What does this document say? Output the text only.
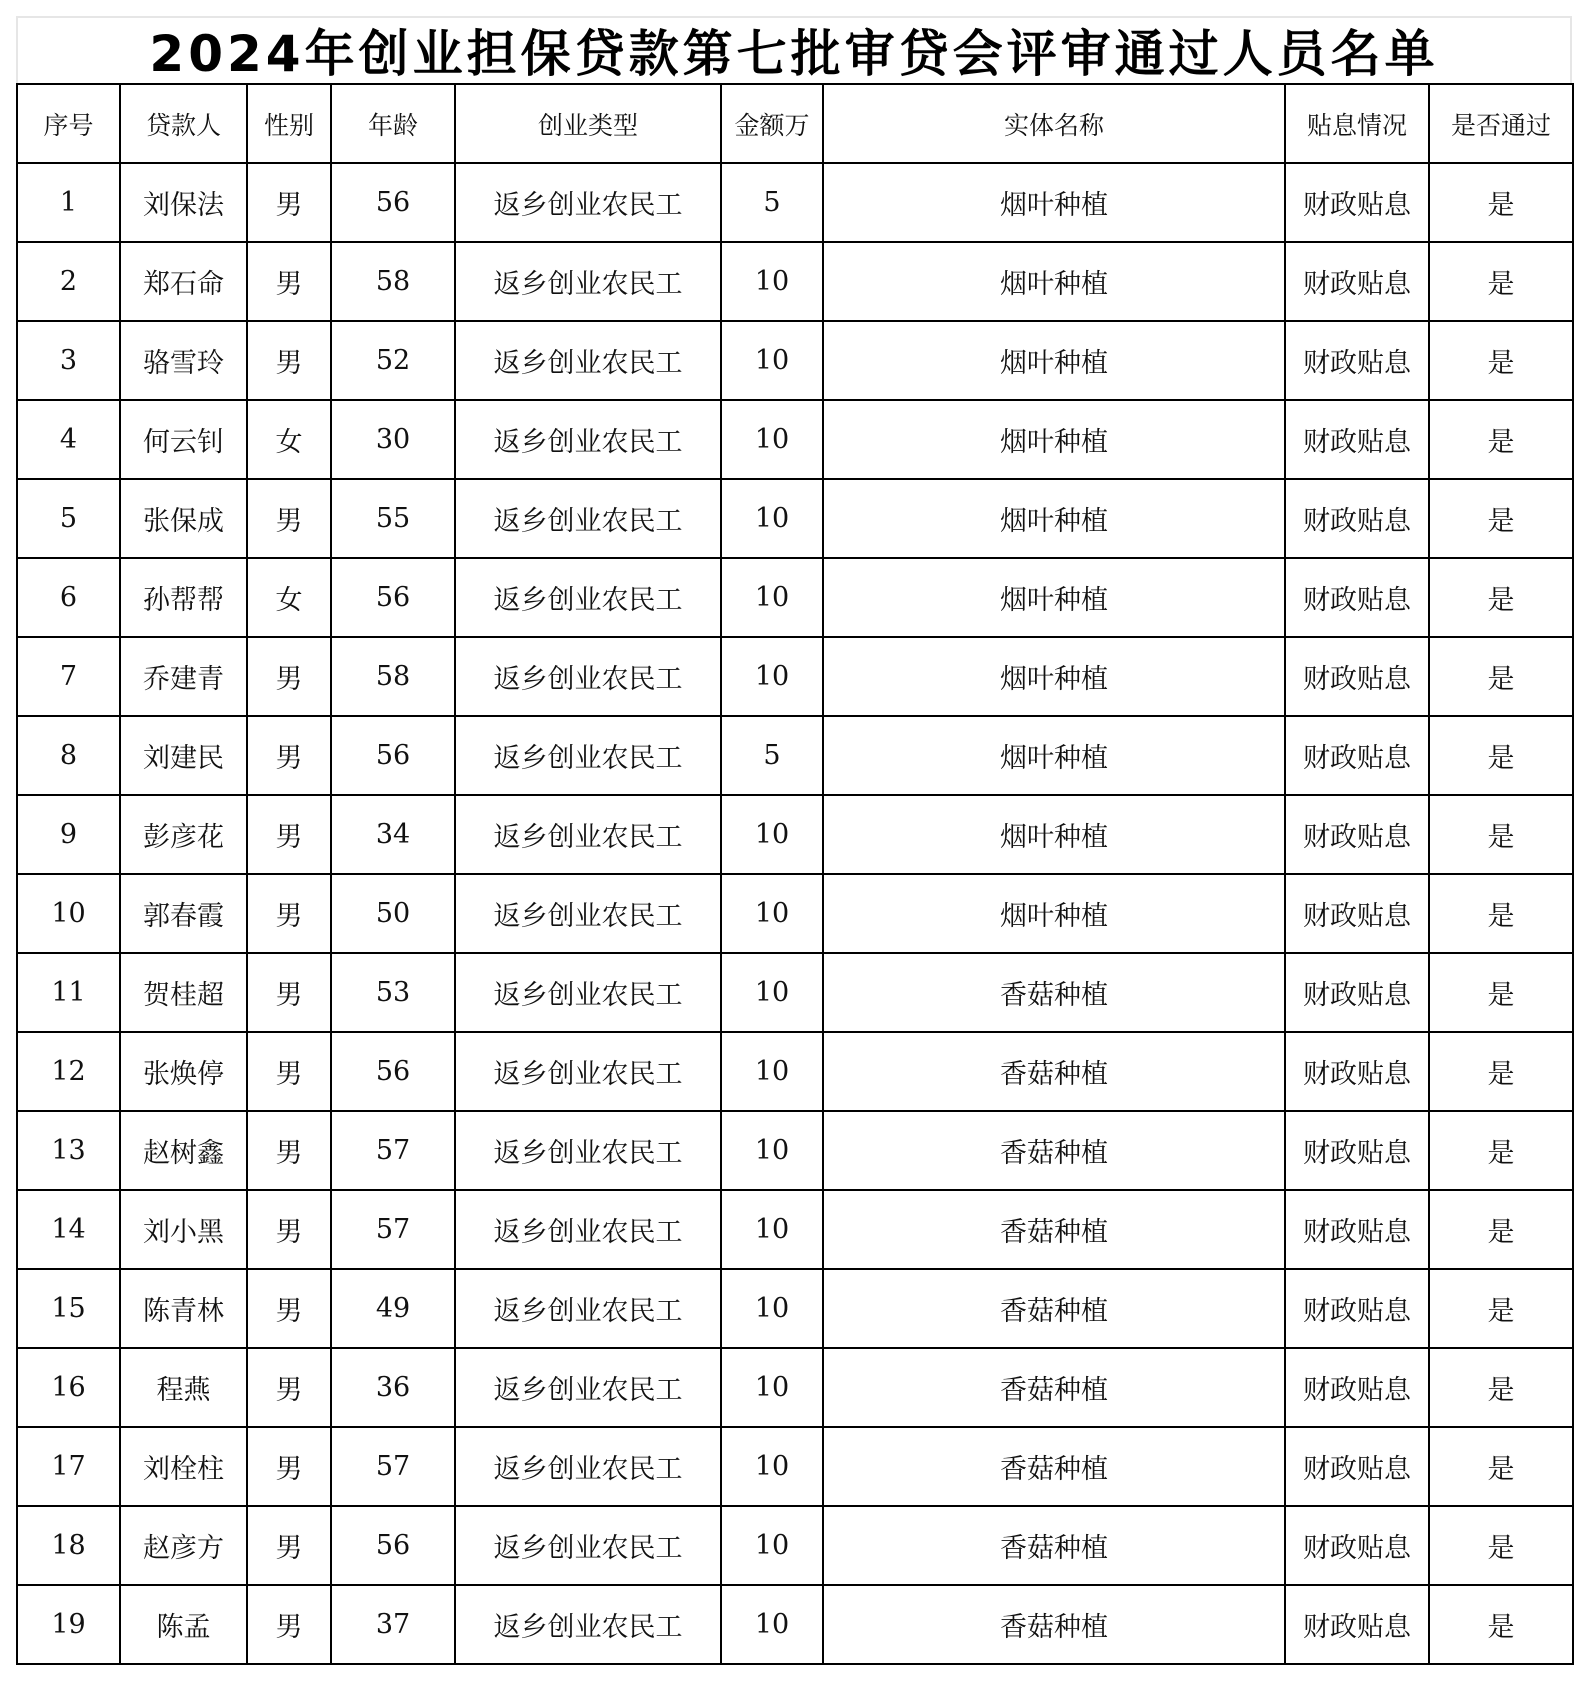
2024年创业担保贷款第七批审贷会评审通过人员名单
序号	贷款人	性别	年龄	创业类型	金额万	实体名称	贴息情况	是否通过
1	刘保法	男	56	返乡创业农民工	5	烟叶种植	财政贴息	是
2	郑石命	男	58	返乡创业农民工	10	烟叶种植	财政贴息	是
3	骆雪玲	男	52	返乡创业农民工	10	烟叶种植	财政贴息	是
4	何云钊	女	30	返乡创业农民工	10	烟叶种植	财政贴息	是
5	张保成	男	55	返乡创业农民工	10	烟叶种植	财政贴息	是
6	孙帮帮	女	56	返乡创业农民工	10	烟叶种植	财政贴息	是
7	乔建青	男	58	返乡创业农民工	10	烟叶种植	财政贴息	是
8	刘建民	男	56	返乡创业农民工	5	烟叶种植	财政贴息	是
9	彭彦花	男	34	返乡创业农民工	10	烟叶种植	财政贴息	是
10	郭春霞	男	50	返乡创业农民工	10	烟叶种植	财政贴息	是
11	贺桂超	男	53	返乡创业农民工	10	香菇种植	财政贴息	是
12	张焕停	男	56	返乡创业农民工	10	香菇种植	财政贴息	是
13	赵树鑫	男	57	返乡创业农民工	10	香菇种植	财政贴息	是
14	刘小黑	男	57	返乡创业农民工	10	香菇种植	财政贴息	是
15	陈青林	男	49	返乡创业农民工	10	香菇种植	财政贴息	是
16	程燕	男	36	返乡创业农民工	10	香菇种植	财政贴息	是
17	刘栓柱	男	57	返乡创业农民工	10	香菇种植	财政贴息	是
18	赵彦方	男	56	返乡创业农民工	10	香菇种植	财政贴息	是
19	陈孟	男	37	返乡创业农民工	10	香菇种植	财政贴息	是
